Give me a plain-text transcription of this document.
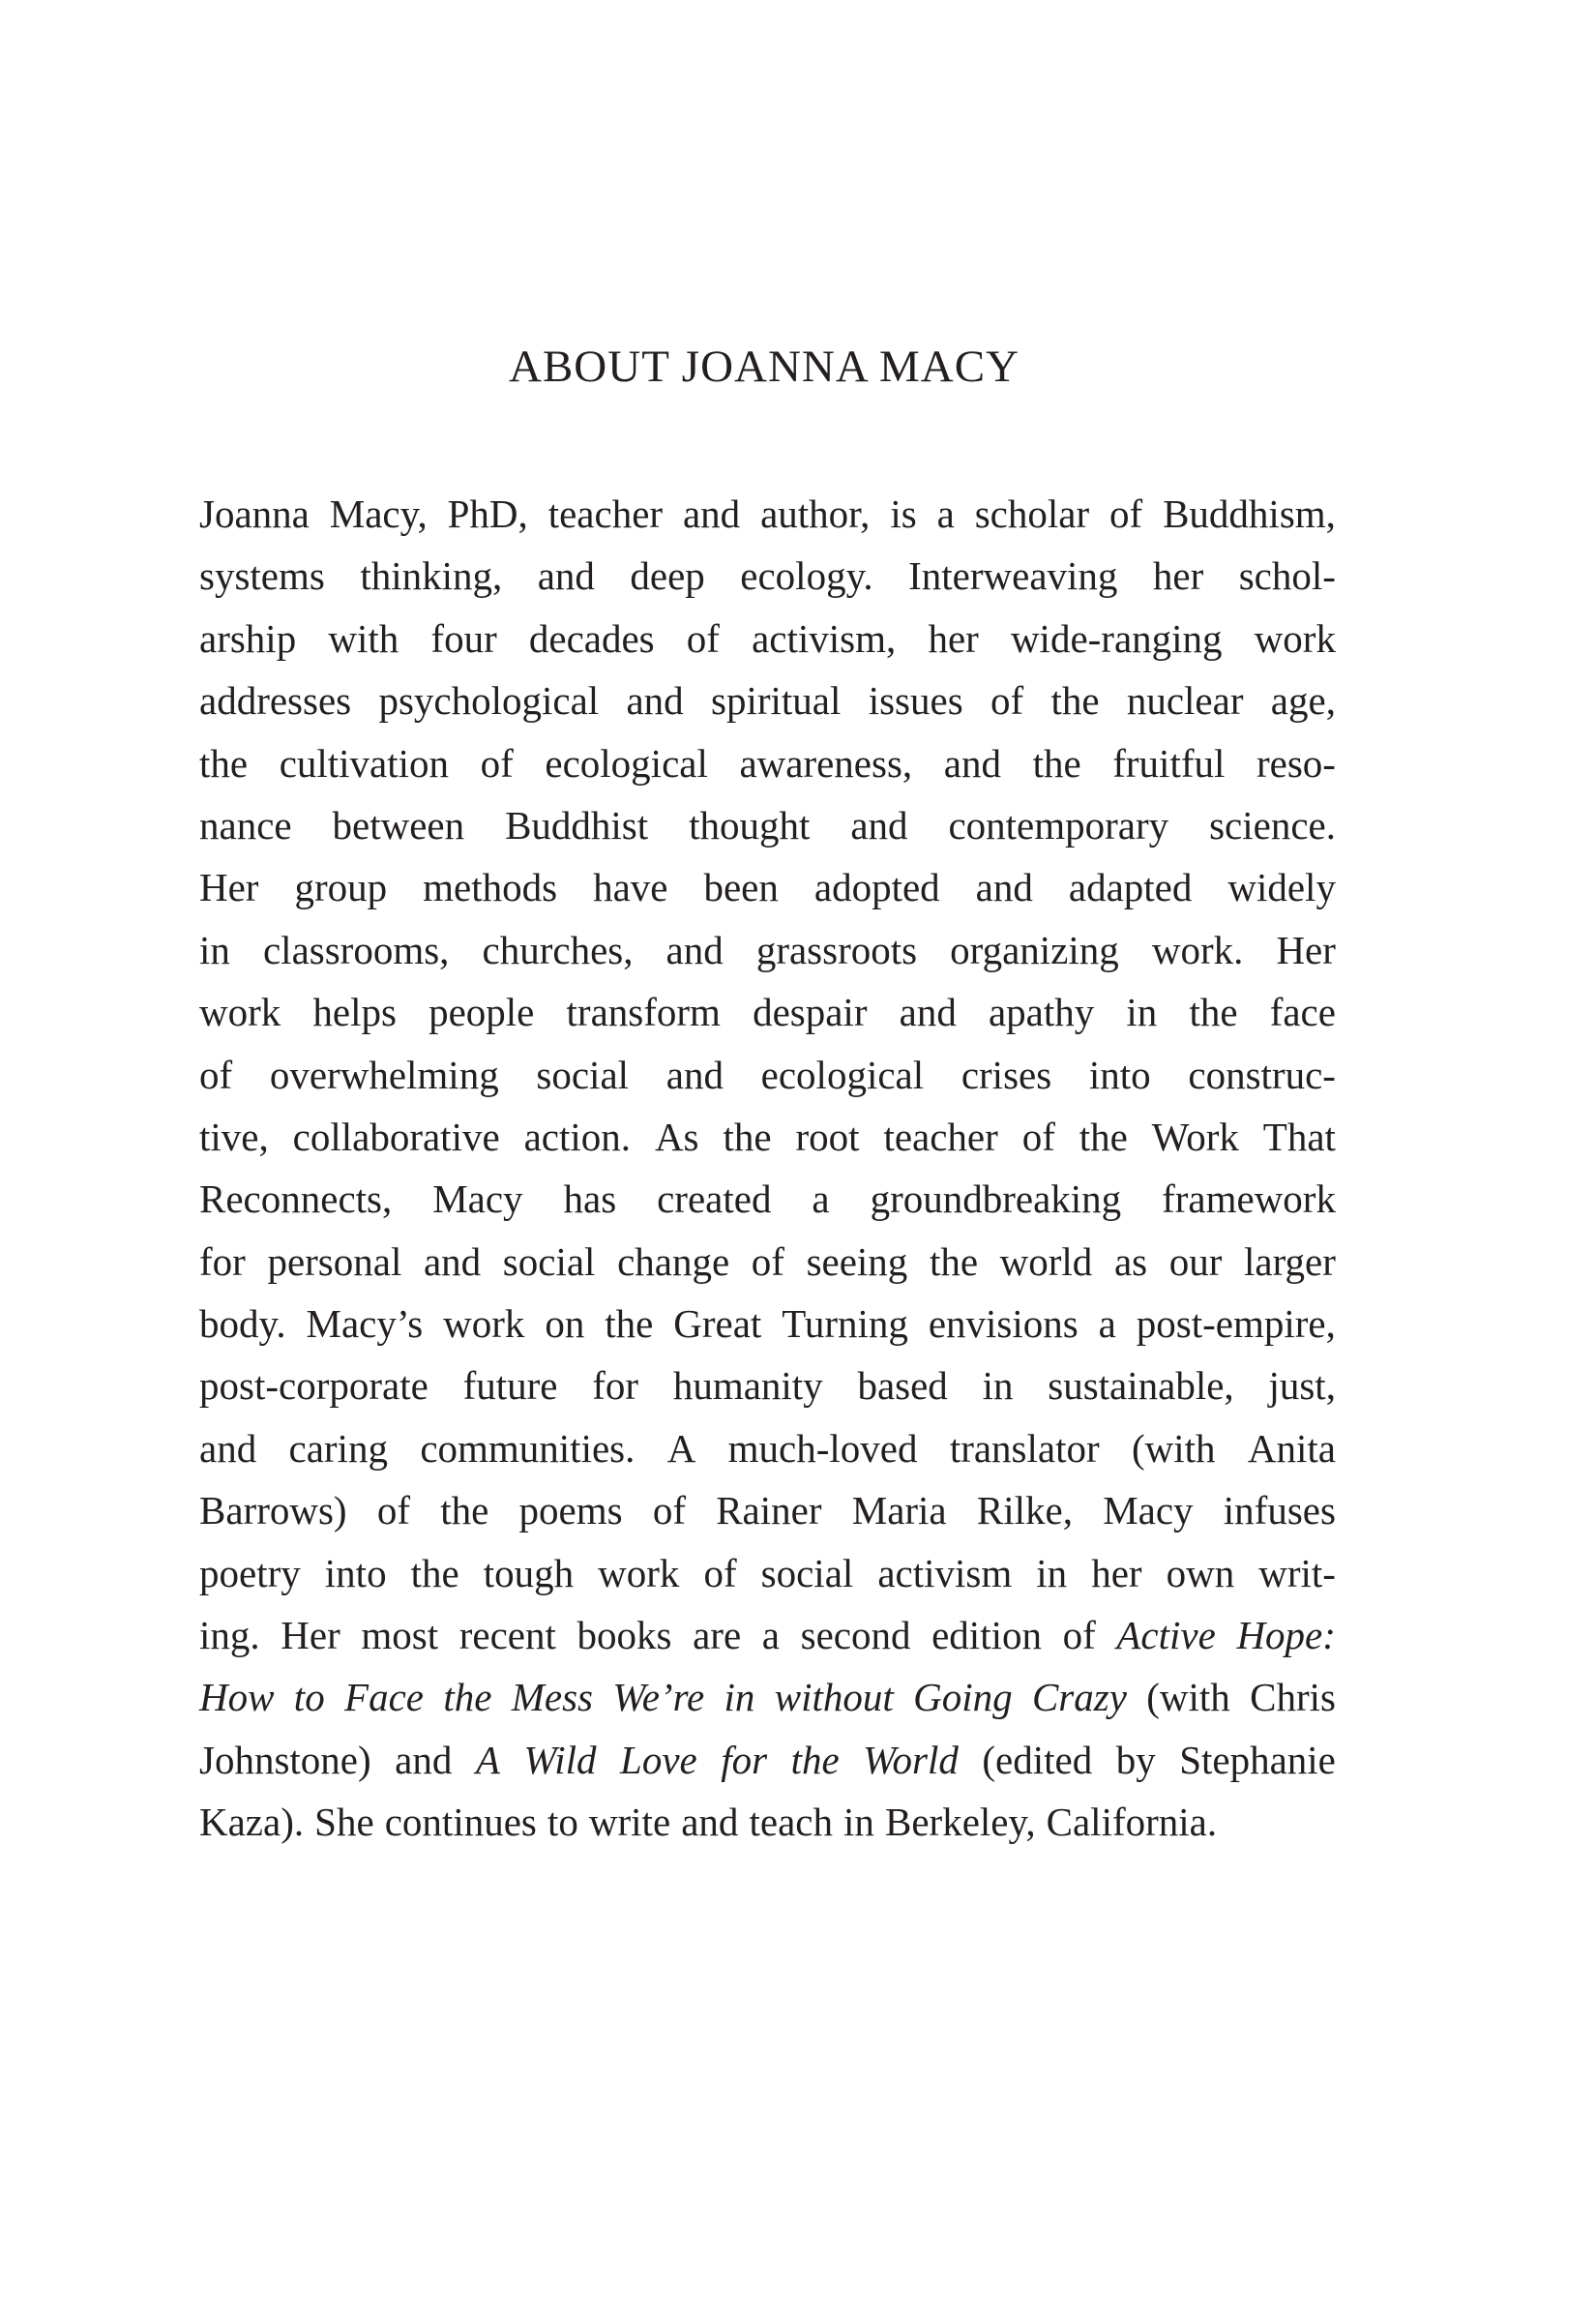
ABOUT JOANNA MACY
Joanna Macy, PhD, teacher and author, is a scholar of Buddhism,
systems thinking, and deep ecology. Interweaving her schol-
arship with four decades of activism, her wide-ranging work
addresses psychological and spiritual issues of the nuclear age,
the cultivation of ecological awareness, and the fruitful reso-
nance between Buddhist thought and contemporary science.
Her group methods have been adopted and adapted widely
in classrooms, churches, and grassroots organizing work. Her
work helps people transform despair and apathy in the face
of overwhelming social and ecological crises into construc-
tive, collaborative action. As the root teacher of the Work That
Reconnects, Macy has created a groundbreaking framework
for personal and social change of seeing the world as our larger
body. Macy’s work on the Great Turning envisions a post-empire,
post-corporate future for humanity based in sustainable, just,
and caring communities. A much-loved translator (with Anita
Barrows) of the poems of Rainer Maria Rilke, Macy infuses
poetry into the tough work of social activism in her own writ-
ing. Her most recent books are a second edition of Active Hope:
How to Face the Mess We’re in without Going Crazy (with Chris
Johnstone) and A Wild Love for the World (edited by Stephanie
Kaza). She continues to write and teach in Berkeley, California.
